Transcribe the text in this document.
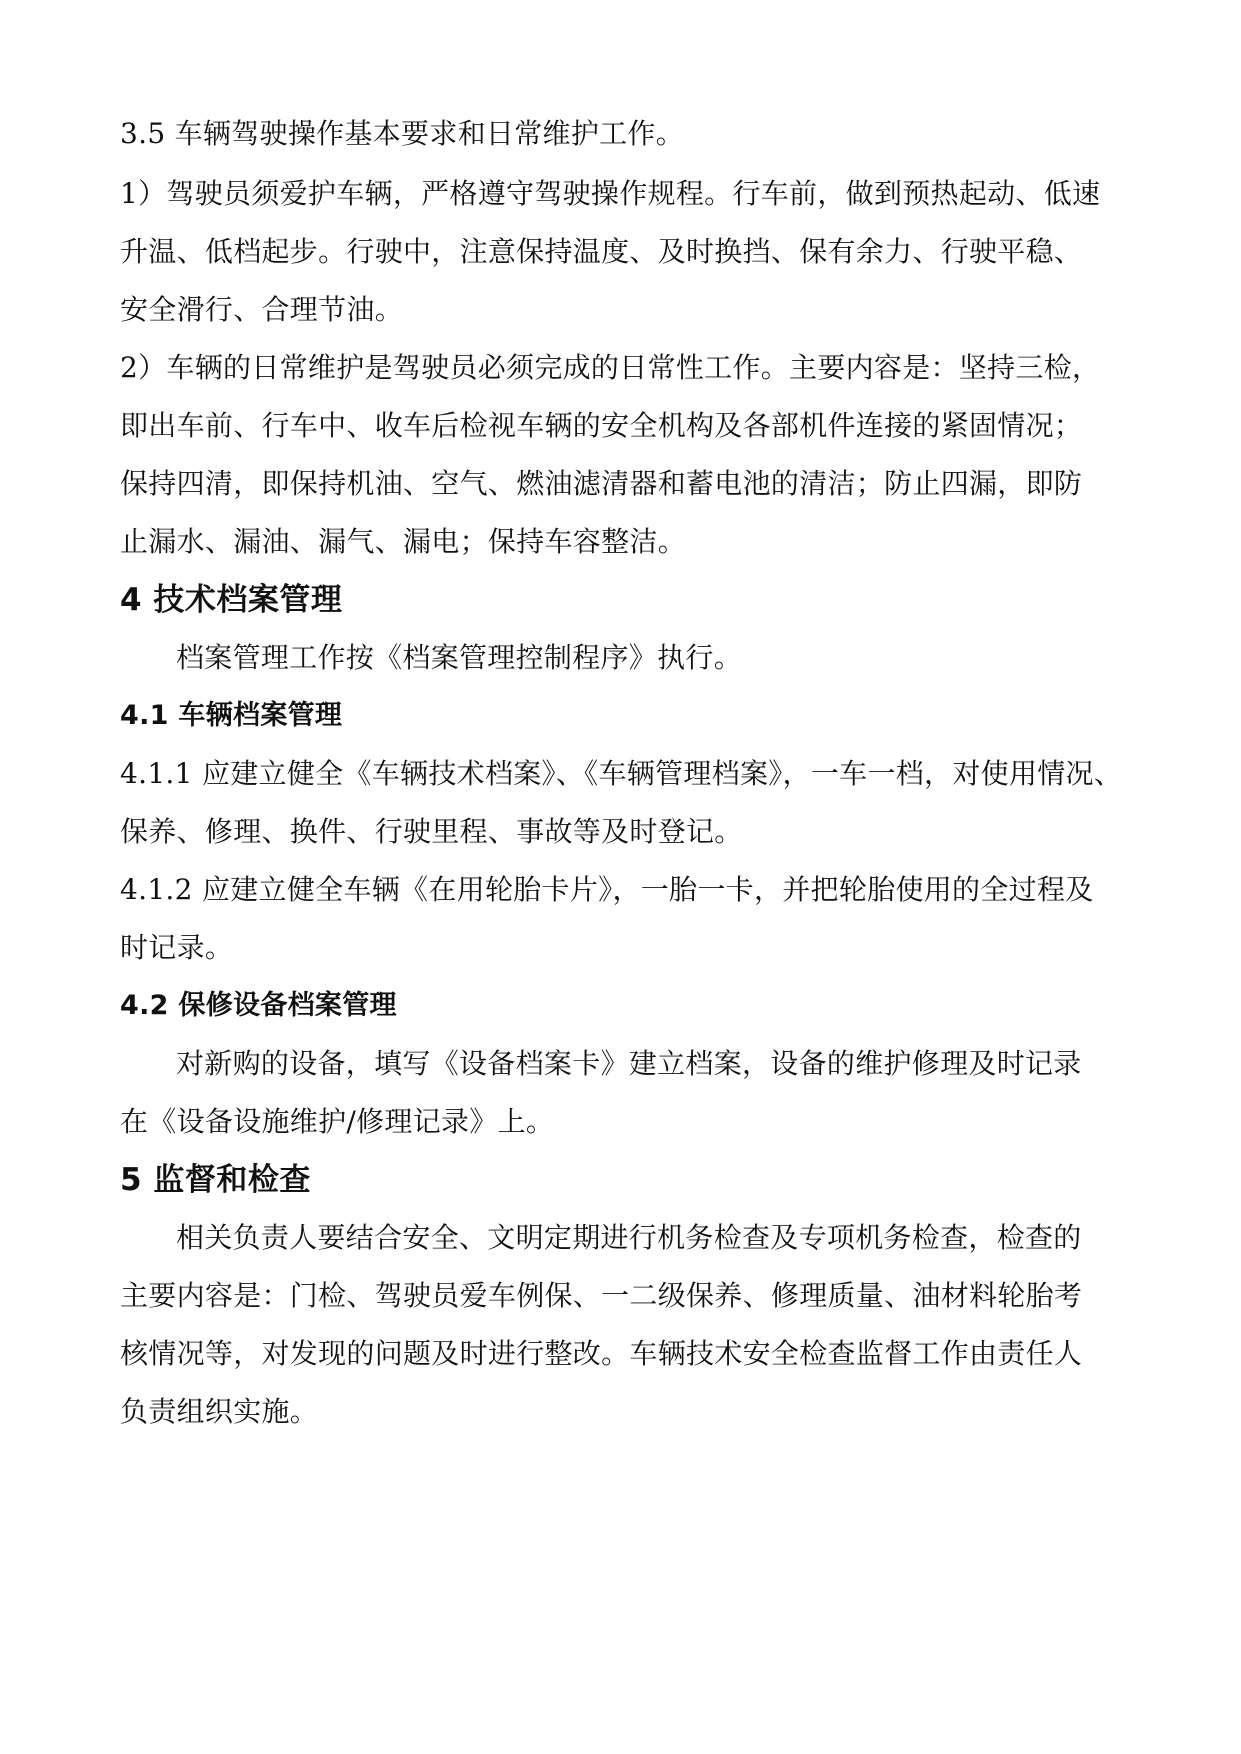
3.5 车辆驾驶操作基本要求和日常维护工作。
1）驾驶员须爱护车辆，严格遵守驾驶操作规程。行车前，做到预热起动、低速
升温、低档起步。行驶中，注意保持温度、及时换挡、保有余力、行驶平稳、
安全滑行、合理节油。
2）车辆的日常维护是驾驶员必须完成的日常性工作。主要内容是：坚持三检，
即出车前、行车中、收车后检视车辆的安全机构及各部机件连接的紧固情况；
保持四清，即保持机油、空气、燃油滤清器和蓄电池的清洁；防止四漏，即防
止漏水、漏油、漏气、漏电；保持车容整洁。
4 技术档案管理
档案管理工作按《档案管理控制程序》执行。
4.1 车辆档案管理
4.1.1 应建立健全《车辆技术档案》、《车辆管理档案》，一车一档，对使用情况、
保养、修理、换件、行驶里程、事故等及时登记。
4.1.2 应建立健全车辆《在用轮胎卡片》，一胎一卡，并把轮胎使用的全过程及
时记录。
4.2 保修设备档案管理
对新购的设备，填写《设备档案卡》建立档案，设备的维护修理及时记录
在《设备设施维护/修理记录》上。
5 监督和检查
相关负责人要结合安全、文明定期进行机务检查及专项机务检查，检查的
主要内容是：门检、驾驶员爱车例保、一二级保养、修理质量、油材料轮胎考
核情况等，对发现的问题及时进行整改。车辆技术安全检查监督工作由责任人
负责组织实施。
